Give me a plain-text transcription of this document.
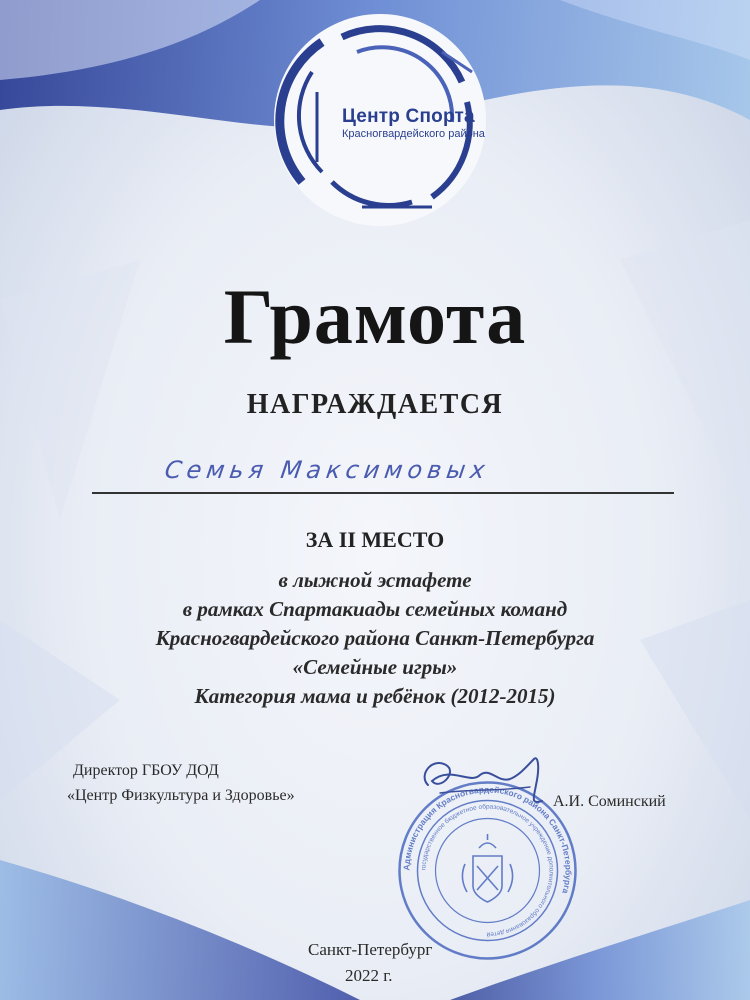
Центр Спорта
Красногвардейского района
Грамота
НАГРАЖДАЕТСЯ
Семья Максимовых
ЗА II МЕСТО
в лыжной эстафете
в рамках Спартакиады семейных команд
Красногвардейского района Санкт-Петербурга
«Семейные игры»
Категория мама и ребёнок (2012-2015)
Директор ГБОУ ДОД
«Центр Физкультура и Здоровье»	А.И. Соминский
Администрация Красногвардейского района Санкт-Петербурга
государственное бюджетное образовательное учреждение дополнительного образования детей
Санкт-Петербург
2022 г.
